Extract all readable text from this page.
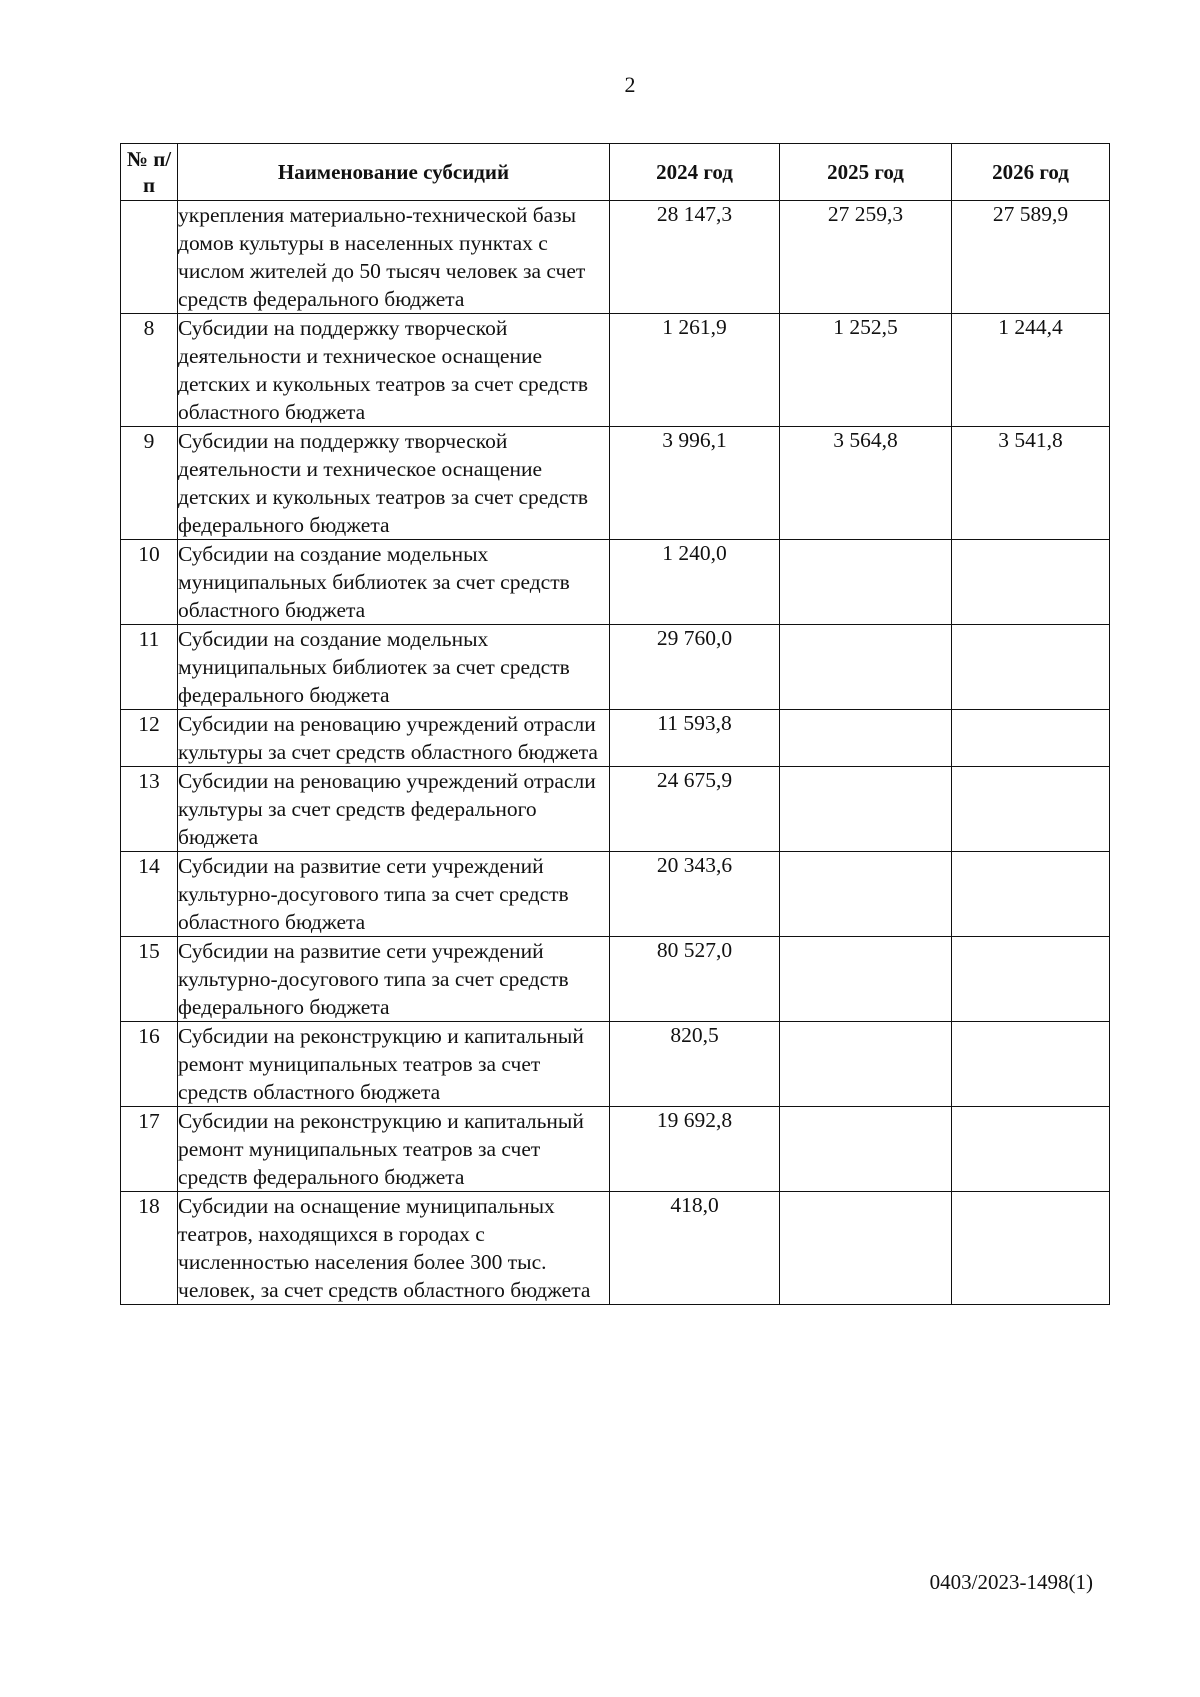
2
№ п/п	Наименование субсидий	2024 год	2025 год	2026 год
	укрепления материально-технической базы домов культуры в населенных пунктах с числом жителей до 50 тысяч человек за счет средств федерального бюджета	28 147,3	27 259,3	27 589,9
8	Субсидии на поддержку творческой деятельности и техническое оснащение детских и кукольных театров за счет средств областного бюджета	1 261,9	1 252,5	1 244,4
9	Субсидии на поддержку творческой деятельности и техническое оснащение детских и кукольных театров за счет средств федерального бюджета	3 996,1	3 564,8	3 541,8
10	Субсидии на создание модельных муниципальных библиотек за счет средств областного бюджета	1 240,0		
11	Субсидии на создание модельных муниципальных библиотек за счет средств федерального бюджета	29 760,0		
12	Субсидии на реновацию учреждений отрасли культуры за счет средств областного бюджета	11 593,8		
13	Субсидии на реновацию учреждений отрасли культуры за счет средств федерального бюджета	24 675,9		
14	Субсидии на развитие сети учреждений культурно-досугового типа за счет средств областного бюджета	20 343,6		
15	Субсидии на развитие сети учреждений культурно-досугового типа за счет средств федерального бюджета	80 527,0		
16	Субсидии на реконструкцию и капитальный ремонт муниципальных театров за счет средств областного бюджета	820,5		
17	Субсидии на реконструкцию и капитальный ремонт муниципальных театров за счет средств федерального бюджета	19 692,8		
18	Субсидии на оснащение муниципальных театров, находящихся в городах с численностью населения более 300 тыс. человек, за счет средств областного бюджета	418,0		
0403/2023-1498(1)
